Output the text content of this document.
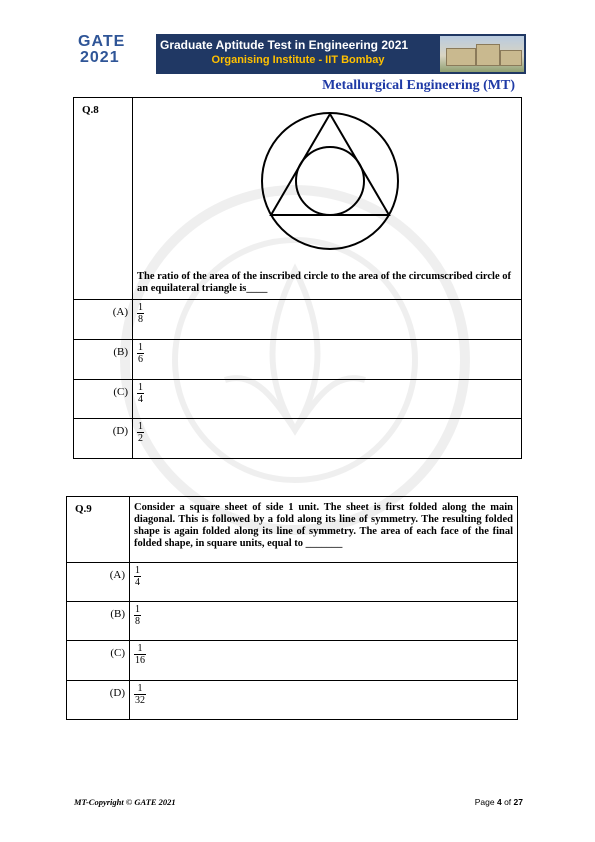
GATE
2021
Graduate Aptitude Test in Engineering 2021
Organising Institute - IIT Bombay
Metallurgical Engineering (MT)
Q.8	The ratio of the area of the inscribed circle to the area of the circumscribed circle of an equilateral triangle is____

(A)	$\frac{1}{8}$

(B)	$\frac{1}{6}$

(C)	$\frac{1}{4}$

(D)	$\frac{1}{2}$
Q.9	Consider a square sheet of side 1 unit. The sheet is first folded along the main diagonal. This is followed by a fold along its line of symmetry. The resulting folded shape is again folded along its line of symmetry. The area of each face of the final folded shape, in square units, equal to _______
(A)	$\frac{1}{4}$

(B)	$\frac{1}{8}$

(C)	$\frac{1}{16}$

(D)	$\frac{1}{32}$
MT-Copyright © GATE 2021	Page 4 of 27
